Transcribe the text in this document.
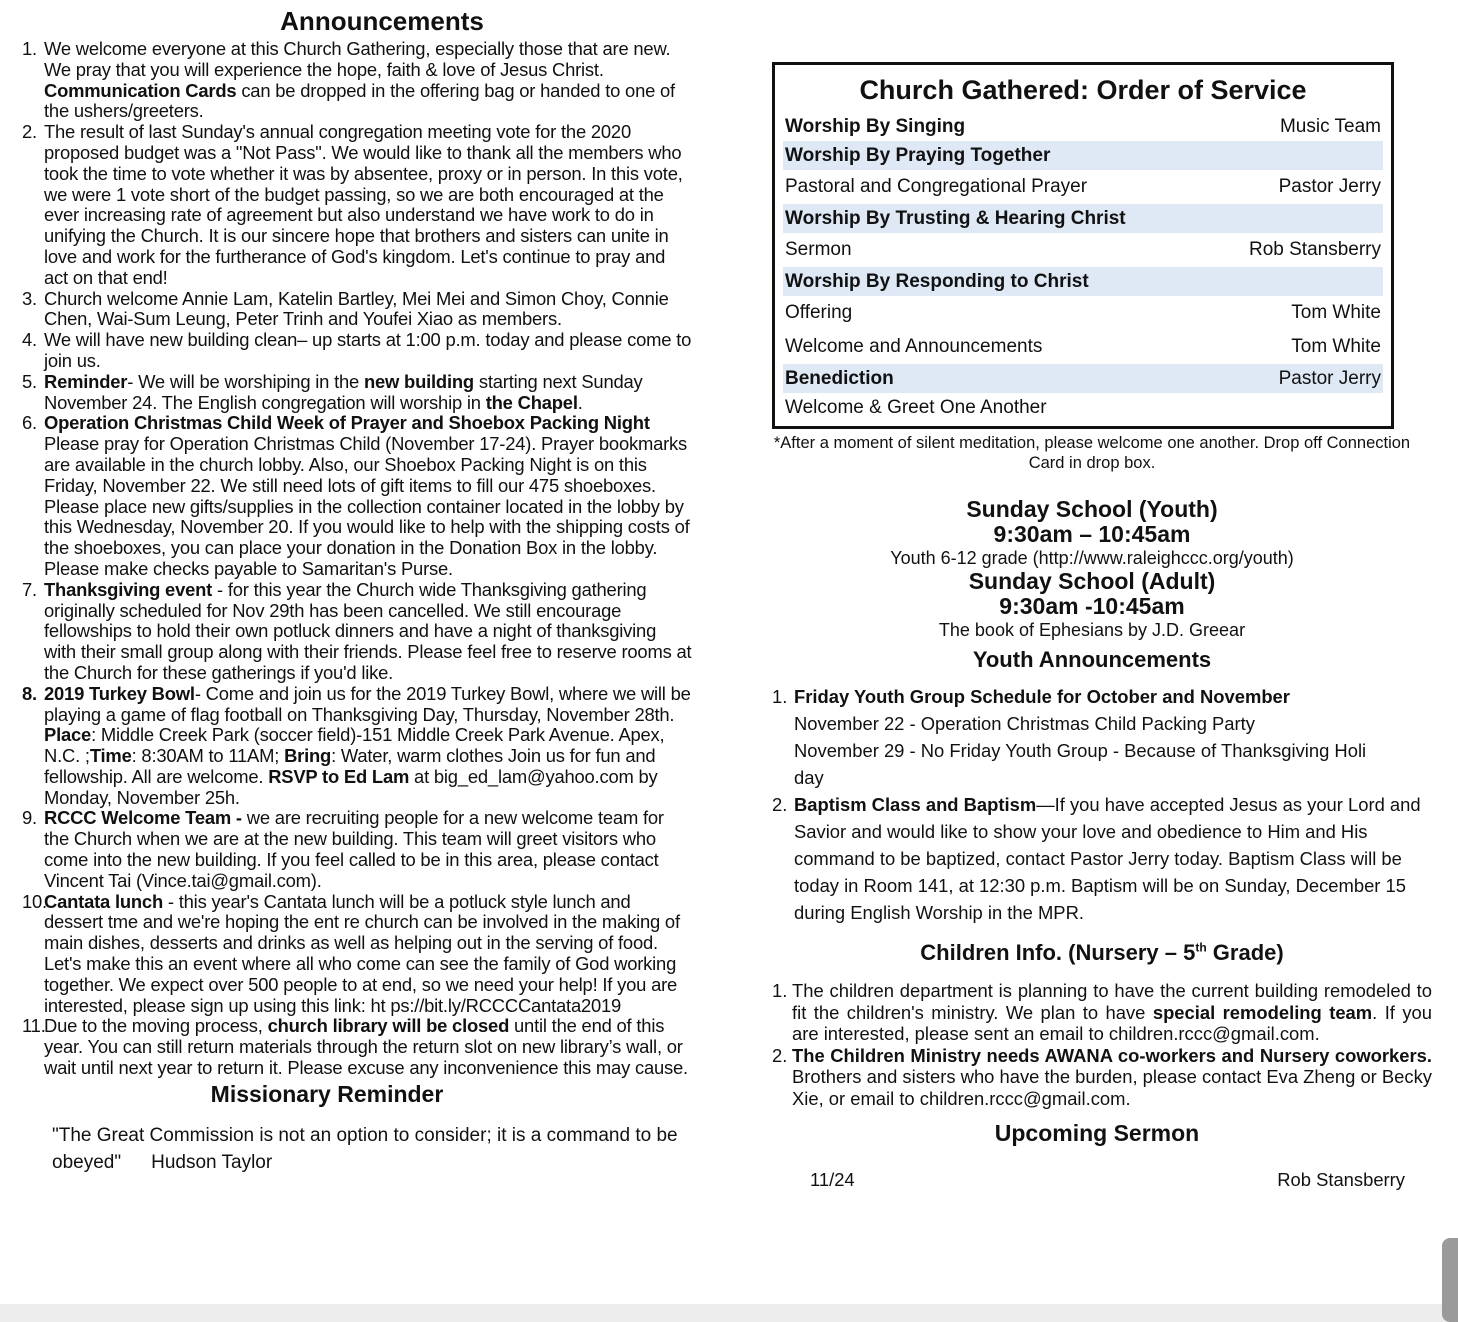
Announcements
1. We welcome everyone at this Church Gathering, especially those that are new. We pray that you will experience the hope, faith & love of Jesus Christ. Communication Cards can be dropped in the offering bag or handed to one of the ushers/greeters.
2. The result of last Sunday's annual congregation meeting vote for the 2020 proposed budget was a "Not Pass". We would like to thank all the members who took the time to vote whether it was by absentee, proxy or in person. In this vote, we were 1 vote short of the budget passing, so we are both encouraged at the ever increasing rate of agreement but also understand we have work to do in unifying the Church. It is our sincere hope that brothers and sisters can unite in love and work for the furtherance of God's kingdom. Let's continue to pray and act on that end!
3. Church welcome Annie Lam, Katelin Bartley, Mei Mei and Simon Choy, Connie Chen, Wai-Sum Leung, Peter Trinh and Youfei Xiao as members.
4. We will have new building clean– up starts at 1:00 p.m. today and please come to join us.
5. Reminder- We will be worshiping in the new building starting next Sunday November 24. The English congregation will worship in the Chapel.
6. Operation Christmas Child Week of Prayer and Shoebox Packing Night Please pray for Operation Christmas Child (November 17-24). Prayer bookmarks are available in the church lobby. Also, our Shoebox Packing Night is on this Friday, November 22. We still need lots of gift items to fill our 475 shoeboxes. Please place new gifts/supplies in the collection container located in the lobby by this Wednesday, November 20. If you would like to help with the shipping costs of the shoeboxes, you can place your donation in the Donation Box in the lobby. Please make checks payable to Samaritan's Purse.
7. Thanksgiving event - for this year the Church wide Thanksgiving gathering originally scheduled for Nov 29th has been cancelled. We still encourage fellowships to hold their own potluck dinners and have a night of thanksgiving with their small group along with their friends. Please feel free to reserve rooms at the Church for these gatherings if you'd like.
8. 2019 Turkey Bowl- Come and join us for the 2019 Turkey Bowl, where we will be playing a game of flag football on Thanksgiving Day, Thursday, November 28th. Place: Middle Creek Park (soccer field)-151 Middle Creek Park Avenue. Apex, N.C. ;Time: 8:30AM to 11AM; Bring: Water, warm clothes Join us for fun and fellowship. All are welcome. RSVP to Ed Lam at big_ed_lam@yahoo.com by Monday, November 25h.
9. RCCC Welcome Team - we are recruiting people for a new welcome team for the Church when we are at the new building. This team will greet visitors who come into the new building. If you feel called to be in this area, please contact Vincent Tai (Vince.tai@gmail.com).
10.
Cantata lunch - this year's Cantata lunch will be a potluck style lunch and dessert tme and we're hoping the ent re church can be involved in the making of main dishes, desserts and drinks as well as helping out in the serving of food. Let's make this an event where all who come can see the family of God working together. We expect over 500 people to at end, so we need your help! If you are interested, please sign up using this link: ht ps://bit.ly/RCCCCantata2019
11.
Due to the moving process, church library will be closed until the end of this year. You can still return materials through the return slot on new library’s wall, or wait until next year to return it. Please excuse any inconvenience this may cause.
Missionary Reminder
"The Great Commission is not an option to consider; it is a command to be obeyed" Hudson Taylor
Church Gathered: Order of Service
Worship By Singing	Music Team
Worship By Praying Together
Pastoral and Congregational Prayer	Pastor Jerry
Worship By Trusting & Hearing Christ
Sermon	Rob Stansberry
Worship By Responding to Christ
Offering	Tom White
Welcome and Announcements	Tom White
Benediction	Pastor Jerry
Welcome & Greet One Another
*After a moment of silent meditation, please welcome one another. Drop off Connection Card in drop box.
Sunday School (Youth)
9:30am – 10:45am
Youth 6-12 grade (http://www.raleighccc.org/youth)
Sunday School (Adult)
9:30am -10:45am
The book of Ephesians by J.D. Greear
Youth Announcements
1. Friday Youth Group Schedule for October and November
November 22 - Operation Christmas Child Packing Party
November 29 - No Friday Youth Group - Because of Thanksgiving Holi
day
2. Baptism Class and Baptism—If you have accepted Jesus as your Lord and Savior and would like to show your love and obedience to Him and His command to be baptized, contact Pastor Jerry today. Baptism Class will be today in Room 141, at 12:30 p.m. Baptism will be on Sunday, December 15 during English Worship in the MPR.
Children Info. (Nursery – 5th Grade)
1. The children department is planning to have the current building remodeled to fit the children's ministry. We plan to have special remodeling team. If you are interested, please sent an email to children.rccc@gmail.com.
2. The Children Ministry needs AWANA co-workers and Nursery coworkers. Brothers and sisters who have the burden, please contact Eva Zheng or Becky Xie, or email to children.rccc@gmail.com.
Upcoming Sermon
11/24	Rob Stansberry
